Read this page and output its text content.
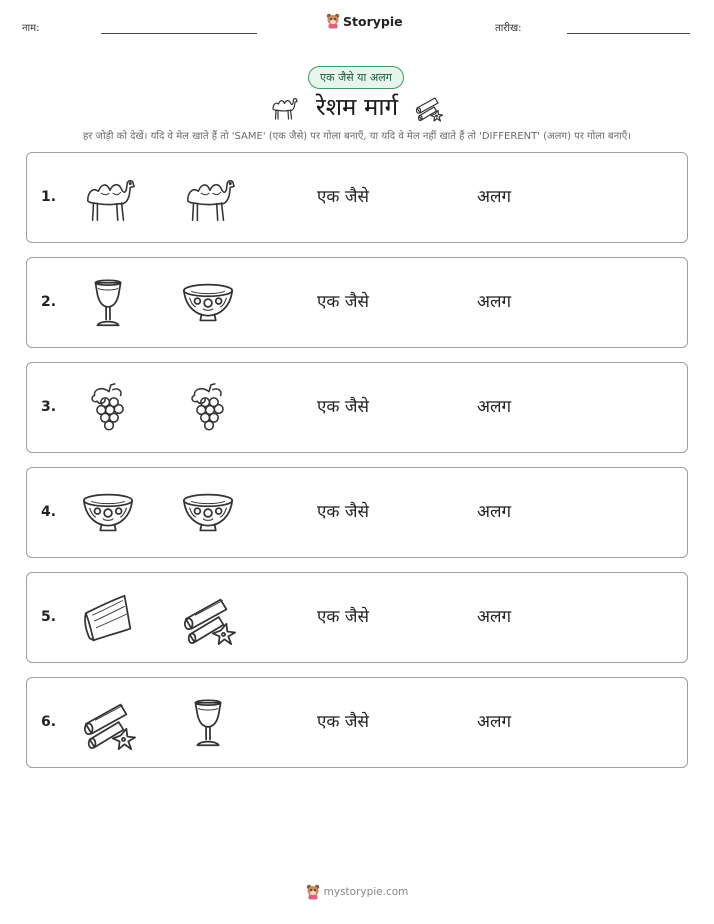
नाम:	Storypie	तारीख:
एक जैसे या अलग
रेशम मार्ग
हर जोड़ी को देखें। यदि वे मेल खाते हैं तो 'SAME' (एक जैसे) पर गोला बनाएँ, या यदि वे मेल नहीं खाते हैं तो 'DIFFERENT' (अलग) पर गोला बनाएँ।
1.	एक जैसे	अलग
2.	एक जैसे	अलग
3.	एक जैसे	अलग
4.	एक जैसे	अलग
5.	एक जैसे	अलग
6.	एक जैसे	अलग
mystorypie.com
